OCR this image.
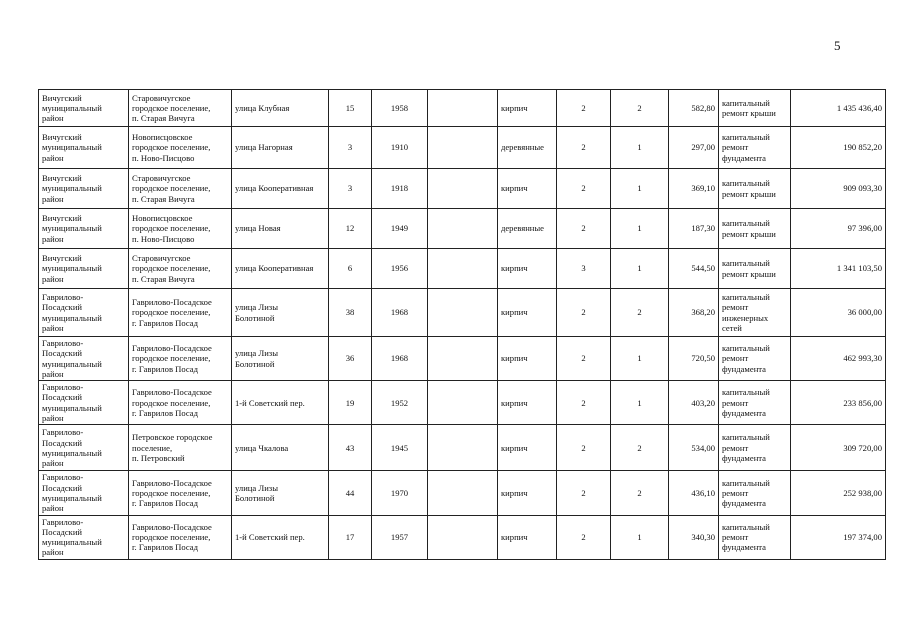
5
Вичугский
муниципальный
район	Старовичугское
городское поселение,
п. Старая Вичуга	улица Клубная	15	1958		кирпич	2	2	582,80	капитальный
ремонт крыши	1 435 436,40
Вичугский
муниципальный
район	Новописцовское
городское поселение,
п. Ново-Писцово	улица Нагорная	3	1910		деревянные	2	1	297,00	капитальный
ремонт
фундамента	190 852,20
Вичугский
муниципальный
район	Старовичугское
городское поселение,
п. Старая Вичуга	улица Кооперативная	3	1918		кирпич	2	1	369,10	капитальный
ремонт крыши	909 093,30
Вичугский
муниципальный
район	Новописцовское
городское поселение,
п. Ново-Писцово	улица Новая	12	1949		деревянные	2	1	187,30	капитальный
ремонт крыши	97 396,00
Вичугский
муниципальный
район	Старовичугское
городское поселение,
п. Старая Вичуга	улица Кооперативная	6	1956		кирпич	3	1	544,50	капитальный
ремонт крыши	1 341 103,50
Гаврилово-
Посадский
муниципальный
район	Гаврилово-Посадское
городское поселение,
г. Гаврилов Посад	улица Лизы
Болотиной	38	1968		кирпич	2	2	368,20	капитальный
ремонт
инженерных
сетей	36 000,00
Гаврилово-
Посадский
муниципальный
район	Гаврилово-Посадское
городское поселение,
г. Гаврилов Посад	улица Лизы
Болотиной	36	1968		кирпич	2	1	720,50	капитальный
ремонт
фундамента	462 993,30
Гаврилово-
Посадский
муниципальный
район	Гаврилово-Посадское
городское поселение,
г. Гаврилов Посад	1-й Советский пер.	19	1952		кирпич	2	1	403,20	капитальный
ремонт
фундамента	233 856,00
Гаврилово-
Посадский
муниципальный
район	Петровское городское
поселение,
п. Петровский	улица Чкалова	43	1945		кирпич	2	2	534,00	капитальный
ремонт
фундамента	309 720,00
Гаврилово-
Посадский
муниципальный
район	Гаврилово-Посадское
городское поселение,
г. Гаврилов Посад	улица Лизы
Болотиной	44	1970		кирпич	2	2	436,10	капитальный
ремонт
фундамента	252 938,00
Гаврилово-
Посадский
муниципальный
район	Гаврилово-Посадское
городское поселение,
г. Гаврилов Посад	1-й Советский пер.	17	1957		кирпич	2	1	340,30	капитальный
ремонт
фундамента	197 374,00
